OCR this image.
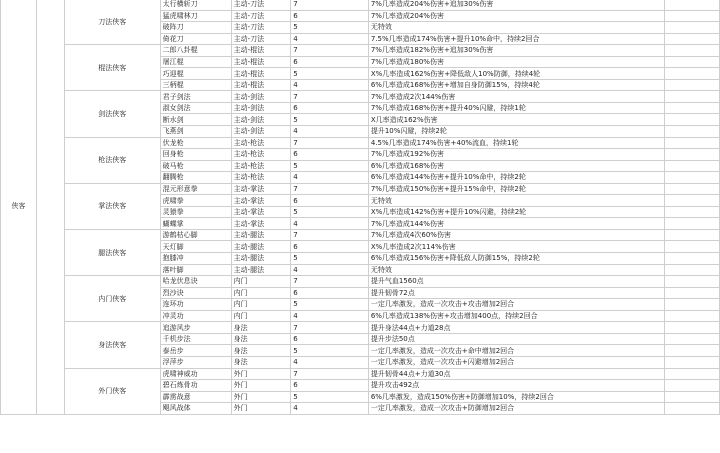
侠客		刀法侠客	太行横斩刀	主动-刀法	7	7%几率造成204%伤害+追加30%伤害	
			猛虎啸林刀	主动-刀法	6	7%几率造成204%伤害	
			破阵刀	主动-刀法	5	无特效	
			倚花刀	主动-刀法	4	7.5%几率造成174%伤害+提升10%命中，持续2回合	
		棍法侠客	二郎八卦棍	主动-棍法	7	7%几率造成182%伤害+追加30%伤害	
			屠江棍	主动-棍法	6	7%几率造成180%伤害	
			巧迎棍	主动-棍法	5	X%几率造成162%伤害+降低敌人10%防御，持续4轮	
			三柄棍	主动-棍法	4	6%几率造成168%伤害+增加自身防御15%，持续4轮	
		剑法侠客	君子剑法	主动-剑法	7	7%几率造成2次144%伤害	
			淑女剑法	主动-剑法	6	7%几率造成168%伤害+提升40%闪避，持续1轮	
			断水剑	主动-剑法	5	X几率造成162%伤害	
			飞燕剑	主动-剑法	4	提升10%闪避，持续2轮	
		枪法侠客	伏龙枪	主动-枪法	7	4.5%几率造成174%伤害+40%流血，持续1轮	
			回身枪	主动-枪法	6	7%几率造成192%伤害	
			破马枪	主动-枪法	5	6%几率造成168%伤害	
			翻腾枪	主动-枪法	4	6%几率造成144%伤害+提升10%命中，持续2轮	
		掌法侠客	混元形意拳	主动-掌法	7	7%几率造成150%伤害+提升15%命中，持续2轮	
			虎啸拳	主动-掌法	6	无特效	
			灵猿拳	主动-掌法	5	X%几率造成142%伤害+提升10%闪避，持续2轮	
			蝴蝶掌	主动-掌法	4	7%几率造成144%伤害	
		腿法侠客	游鹤枯心脚	主动-腿法	7	7%几率造成4次60%伤害	
			天灯脚	主动-腿法	6	X%几率造成2次114%伤害	
			抱膝冲	主动-腿法	5	6%几率造成156%伤害+降低敌人防御15%，持续2轮	
			落叶脚	主动-腿法	4	无特效	
		内门侠客	哈龙伏息诀	内门	7	提升气血1560点	
			烈沙诀	内门	6	提升韧骨72点	
			连环功	内门	5	一定几率激发，造成一次攻击+攻击增加2回合	
			冲灵功	内门	4	6%几率造成138%伤害+攻击增加400点，持续2回合	
		身法侠客	追游风步	身法	7	提升身法44点+力道28点	
			千机步法	身法	6	提升步法50点	
			泰岳步	身法	5	一定几率激发，造成一次攻击+命中增加2回合	
			浮萍步	身法	4	一定几率激发，造成一次攻击+闪避增加2回合	
		外门侠客	虎啸神威功	外门	7	提升韧骨44点+力道30点	
			碧石炼骨功	外门	6	提升攻击492点	
			霹雳战意	外门	5	6%几率激发，造成150%伤害+防御增加10%，持续2回合	
			飓风战体	外门	4	一定几率激发，造成一次攻击+防御增加2回合	
